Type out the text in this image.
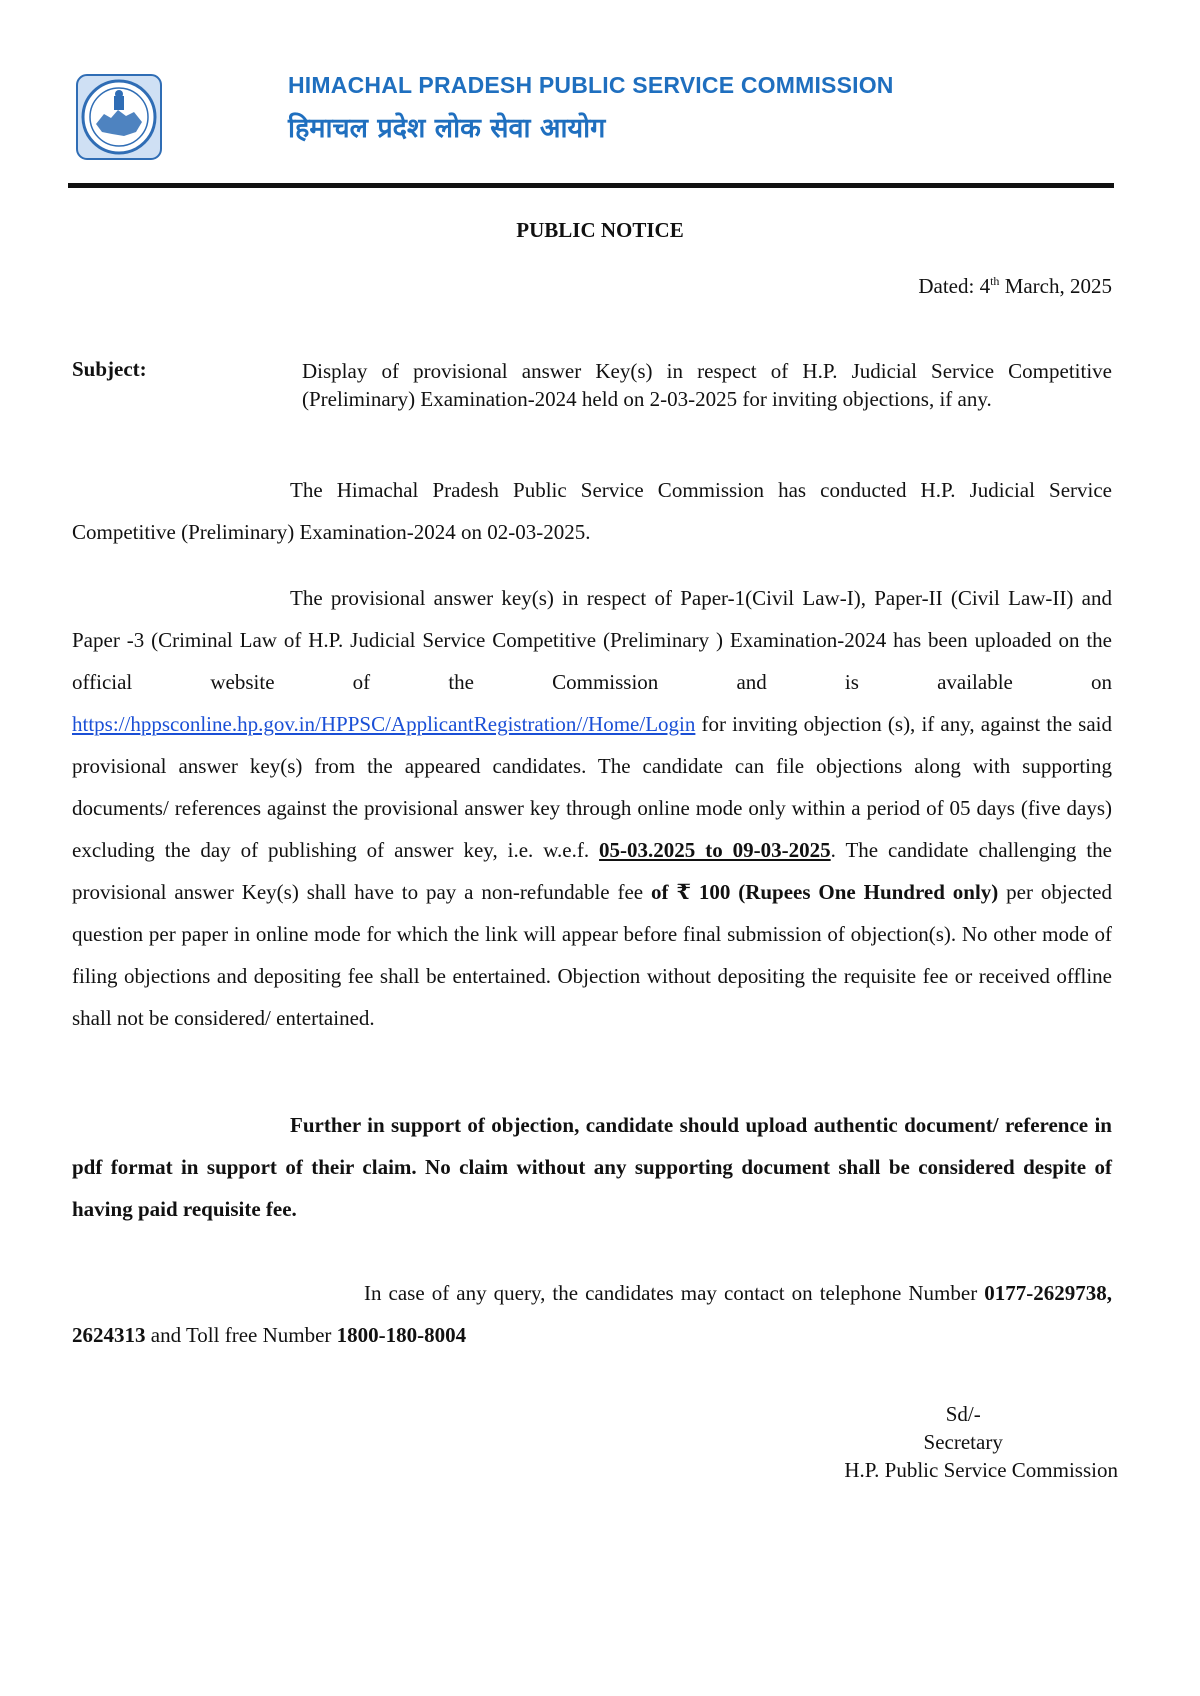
HIMACHAL PRADESH PUBLIC SERVICE COMMISSION
हिमाचल प्रदेश लोक सेवा आयोग
PUBLIC NOTICE
Dated: 4th March, 2025
Subject:	Display of provisional answer Key(s) in respect of H.P. Judicial Service Competitive (Preliminary) Examination-2024 held on 2-03-2025 for inviting objections, if any.
The Himachal Pradesh Public Service Commission has conducted H.P. Judicial Service Competitive (Preliminary) Examination-2024 on 02-03-2025.
The provisional answer key(s) in respect of Paper-1(Civil Law-I), Paper-II (Civil Law-II) and Paper -3 (Criminal Law of H.P. Judicial Service Competitive (Preliminary ) Examination-2024 has been uploaded on the official website of the Commission and is available on https://hppsconline.hp.gov.in/HPPSC/ApplicantRegistration//Home/Login for inviting objection (s), if any, against the said provisional answer key(s) from the appeared candidates. The candidate can file objections along with supporting documents/ references against the provisional answer key through online mode only within a period of 05 days (five days) excluding the day of publishing of answer key, i.e. w.e.f. 05-03.2025 to 09-03-2025. The candidate challenging the provisional answer Key(s) shall have to pay a non-refundable fee of ₹ 100 (Rupees One Hundred only) per objected question per paper in online mode for which the link will appear before final submission of objection(s). No other mode of filing objections and depositing fee shall be entertained. Objection without depositing the requisite fee or received offline shall not be considered/ entertained.
Further in support of objection, candidate should upload authentic document/ reference in pdf format in support of their claim. No claim without any supporting document shall be considered despite of having paid requisite fee.
In case of any query, the candidates may contact on telephone Number 0177-2629738, 2624313 and Toll free Number 1800-180-8004
Sd/-
Secretary
H.P. Public Service Commission
